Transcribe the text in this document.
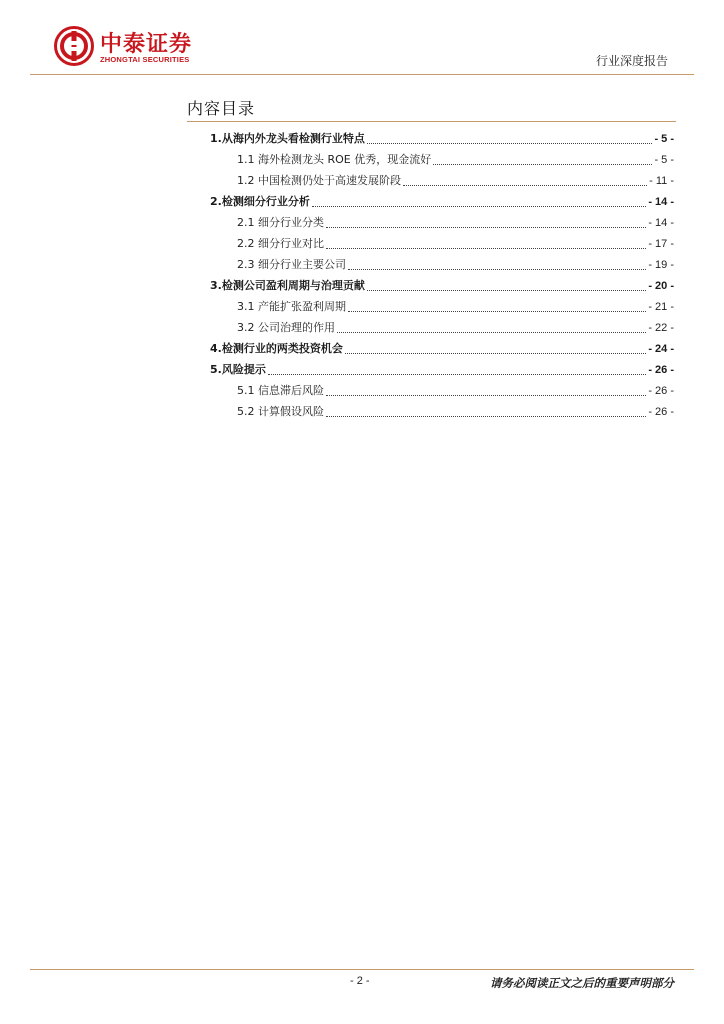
中泰证券
ZHONGTAI SECURITIES	行业深度报告
内容目录
1.从海内外龙头看检测行业特点	- 5 -
1.1 海外检测龙头 ROE 优秀，现金流好	- 5 -
1.2 中国检测仍处于高速发展阶段	- 11 -
2.检测细分行业分析	- 14 -
2.1 细分行业分类	- 14 -
2.2 细分行业对比	- 17 -
2.3 细分行业主要公司	- 19 -
3.检测公司盈利周期与治理贡献	- 20 -
3.1 产能扩张盈利周期	- 21 -
3.2 公司治理的作用	- 22 -
4.检测行业的两类投资机会	- 24 -
5.风险提示	- 26 -
5.1 信息滞后风险	- 26 -
5.2 计算假设风险	- 26 -
- 2 -	请务必阅读正文之后的重要声明部分
